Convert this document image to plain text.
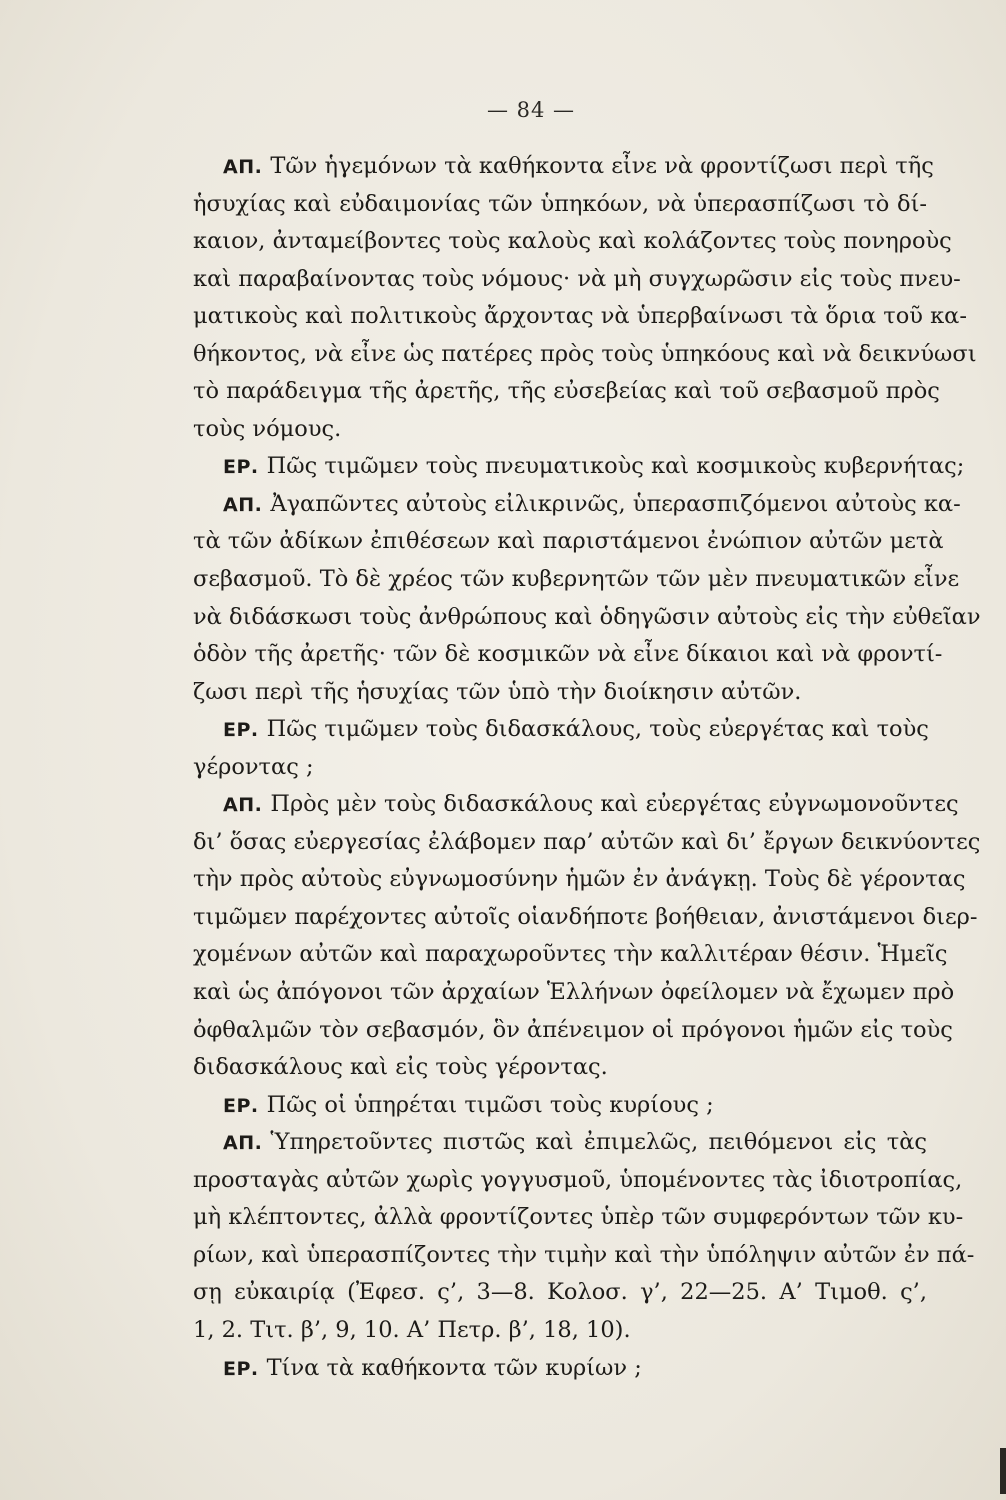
— 84 —
ΑΠ. Τῶν ἡγεμόνων τὰ καθήκοντα εἶνε νὰ φροντίζωσι περὶ τῆς
ἡσυχίας καὶ εὐδαιμονίας τῶν ὑπηκόων, νὰ ὑπερασπίζωσι τὸ δί-
καιον, ἀνταμείβοντες τοὺς καλοὺς καὶ κολάζοντες τοὺς πονηροὺς
καὶ παραβαίνοντας τοὺς νόμους· νὰ μὴ συγχωρῶσιν εἰς τοὺς πνευ-
ματικοὺς καὶ πολιτικοὺς ἄρχοντας νὰ ὑπερβαίνωσι τὰ ὅρια τοῦ κα-
θήκοντος, νὰ εἶνε ὡς πατέρες πρὸς τοὺς ὑπηκόους καὶ νὰ δεικνύωσι
τὸ παράδειγμα τῆς ἀρετῆς, τῆς εὐσεβείας καὶ τοῦ σεβασμοῦ πρὸς
τοὺς νόμους.
ΕΡ. Πῶς τιμῶμεν τοὺς πνευματικοὺς καὶ κοσμικοὺς κυβερνήτας;
ΑΠ. Ἀγαπῶντες αὐτοὺς εἰλικρινῶς, ὑπερασπιζόμενοι αὐτοὺς κα-
τὰ τῶν ἀδίκων ἐπιθέσεων καὶ παριστάμενοι ἐνώπιον αὐτῶν μετὰ
σεβασμοῦ. Τὸ δὲ χρέος τῶν κυβερνητῶν τῶν μὲν πνευματικῶν εἶνε
νὰ διδάσκωσι τοὺς ἀνθρώπους καὶ ὁδηγῶσιν αὐτοὺς εἰς τὴν εὐθεῖαν
ὁδὸν τῆς ἀρετῆς· τῶν δὲ κοσμικῶν νὰ εἶνε δίκαιοι καὶ νὰ φροντί-
ζωσι περὶ τῆς ἡσυχίας τῶν ὑπὸ τὴν διοίκησιν αὐτῶν.
ΕΡ. Πῶς τιμῶμεν τοὺς διδασκάλους, τοὺς εὐεργέτας καὶ τοὺς
γέροντας ;
ΑΠ. Πρὸς μὲν τοὺς διδασκάλους καὶ εὐεργέτας εὐγνωμονοῦντες
δι’ ὅσας εὐεργεσίας ἐλάβομεν παρ’ αὐτῶν καὶ δι’ ἔργων δεικνύοντες
τὴν πρὸς αὐτοὺς εὐγνωμοσύνην ἡμῶν ἐν ἀνάγκῃ. Τοὺς δὲ γέροντας
τιμῶμεν παρέχοντες αὐτοῖς οἱανδήποτε βοήθειαν, ἀνιστάμενοι διερ-
χομένων αὐτῶν καὶ παραχωροῦντες τὴν καλλιτέραν θέσιν. Ἡμεῖς
καὶ ὡς ἀπόγονοι τῶν ἀρχαίων Ἑλλήνων ὀφείλομεν νὰ ἔχωμεν πρὸ
ὀφθαλμῶν τὸν σεβασμόν, ὃν ἀπένειμον οἱ πρόγονοι ἡμῶν εἰς τοὺς
διδασκάλους καὶ εἰς τοὺς γέροντας.
ΕΡ. Πῶς οἱ ὑπηρέται τιμῶσι τοὺς κυρίους ;
ΑΠ. Ὑπηρετοῦντες πιστῶς καὶ ἐπιμελῶς, πειθόμενοι εἰς τὰς
προσταγὰς αὐτῶν χωρὶς γογγυσμοῦ, ὑπομένοντες τὰς ἰδιοτροπίας,
μὴ κλέπτοντες, ἀλλὰ φροντίζοντες ὑπὲρ τῶν συμφερόντων τῶν κυ-
ρίων, καὶ ὑπερασπίζοντες τὴν τιμὴν καὶ τὴν ὑπόληψιν αὐτῶν ἐν πά-
σῃ εὐκαιρίᾳ (Ἐφεσ. ς’, 3—8. Κολοσ. γ’, 22—25. Α’ Τιμοθ. ς’,
1, 2. Τιτ. β’, 9, 10. Α’ Πετρ. β’, 18, 10).
ΕΡ. Τίνα τὰ καθήκοντα τῶν κυρίων ;
